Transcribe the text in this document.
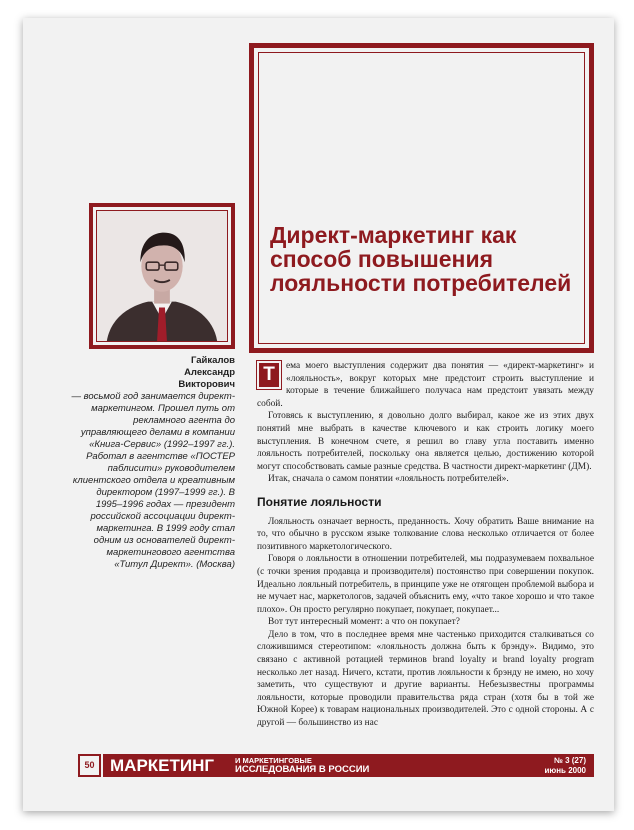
Директ-маркетинг как способ повышения лояльности потребителей
Гайкалов
Александр
Викторович
— восьмой год занимается директ-маркетингом. Прошел путь от рекламного агента до управляющего делами в компании «Книга-Сервис» (1992–1997 гг.). Работал в агентстве «ПОСТЕР паблисити» руководителем клиентского отдела и креативным директором (1997–1999 гг.). В 1995–1996 годах — президент российской ассоциации директ-маркетинга. В 1999 году стал одним из основателей директ-маркетингового агентства «Титул Директ». (Москва)
Т	ема моего выступления содержит два понятия — «директ-маркетинг» и «лояльность», вокруг которых мне предстоит строить выступление и которые в течение ближайшего получаса нам предстоит увязать между собой.

Готовясь к выступлению, я довольно долго выбирал, какое же из этих двух понятий мне выбрать в качестве ключевого и как строить логику моего выступления. В конечном счете, я решил во главу угла поставить именно лояльность потребителей, поскольку она является целью, достижению которой могут способствовать самые разные средства. В частности директ-маркетинг (ДМ).

Итак, сначала о самом понятии «лояльность потребителей».

Понятие лояльности

Лояльность означает верность, преданность. Хочу обратить Ваше внимание на то, что обычно в русском языке толкование слова несколько отличается от более позитивного маркетологического.

Говоря о лояльности в отношении потребителей, мы подразумеваем похвальное (с точки зрения продавца и производителя) постоянство при совершении покупок. Идеально лояльный потребитель, в принципе уже не отягощен проблемой выбора и не мучает нас, маркетологов, задачей объяснить ему, «что такое хорошо и что такое плохо». Он просто регулярно покупает, покупает, покупает...

Вот тут интересный момент: а что он покупает?

Дело в том, что в последнее время мне частенько приходится сталкиваться со сложившимся стереотипом: «лояльность должна быть к брэнду». Видимо, это связано с активной ротацией терминов brand loyalty и brand loyalty program несколько лет назад. Ничего, кстати, против лояльности к брэнду не имею, но хочу заметить, что существуют и другие варианты. Небезызвестны программы лояльности, которые проводили правительства ряда стран (хотя бы в той же Южной Корее) к товарам национальных производителей. Это с одной стороны. А с другой — большинство из нас

50 МАРКЕТИНГ	И МАРКЕТИНГОВЫЕ
ИССЛЕДОВАНИЯ В РОССИИ
№ 3 (27)
июнь 2000
